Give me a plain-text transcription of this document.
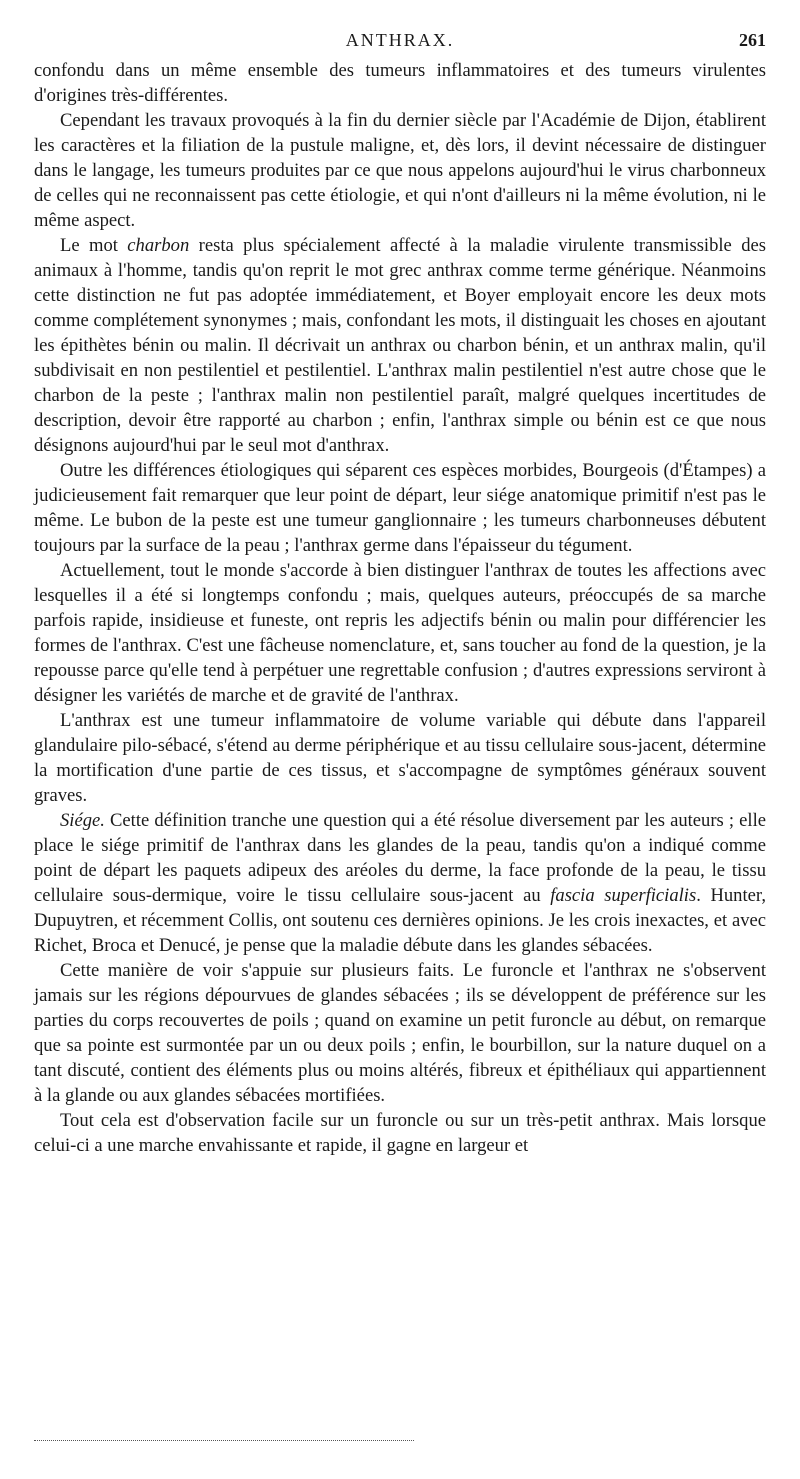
ANTHRAX.	261

confondu dans un même ensemble des tumeurs inflammatoires et des tumeurs virulentes d'origines très-différentes.

Cependant les travaux provoqués à la fin du dernier siècle par l'Académie de Dijon, établirent les caractères et la filiation de la pustule maligne, et, dès lors, il devint nécessaire de distinguer dans le langage, les tumeurs produites par ce que nous appelons aujourd'hui le virus charbonneux de celles qui ne reconnaissent pas cette étiologie, et qui n'ont d'ailleurs ni la même évolution, ni le même aspect.

Le mot charbon resta plus spécialement affecté à la maladie virulente transmissible des animaux à l'homme, tandis qu'on reprit le mot grec anthrax comme terme générique. Néanmoins cette distinction ne fut pas adoptée immédiatement, et Boyer employait encore les deux mots comme complétement synonymes ; mais, confondant les mots, il distinguait les choses en ajoutant les épithètes bénin ou malin. Il décrivait un anthrax ou charbon bénin, et un anthrax malin, qu'il subdivisait en non pestilentiel et pestilentiel. L'anthrax malin pestilentiel n'est autre chose que le charbon de la peste ; l'anthrax malin non pestilentiel paraît, malgré quelques incertitudes de description, devoir être rapporté au charbon ; enfin, l'anthrax simple ou bénin est ce que nous désignons aujourd'hui par le seul mot d'anthrax.

Outre les différences étiologiques qui séparent ces espèces morbides, Bourgeois (d'Étampes) a judicieusement fait remarquer que leur point de départ, leur siége anatomique primitif n'est pas le même. Le bubon de la peste est une tumeur ganglionnaire ; les tumeurs charbonneuses débutent toujours par la surface de la peau ; l'anthrax germe dans l'épaisseur du tégument.

Actuellement, tout le monde s'accorde à bien distinguer l'anthrax de toutes les affections avec lesquelles il a été si longtemps confondu ; mais, quelques auteurs, préoccupés de sa marche parfois rapide, insidieuse et funeste, ont repris les adjectifs bénin ou malin pour différencier les formes de l'anthrax. C'est une fâcheuse nomenclature, et, sans toucher au fond de la question, je la repousse parce qu'elle tend à perpétuer une regrettable confusion ; d'autres expressions serviront à désigner les variétés de marche et de gravité de l'anthrax.

L'anthrax est une tumeur inflammatoire de volume variable qui débute dans l'appareil glandulaire pilo-sébacé, s'étend au derme périphérique et au tissu cellulaire sous-jacent, détermine la mortification d'une partie de ces tissus, et s'accompagne de symptômes généraux souvent graves.

Siége. Cette définition tranche une question qui a été résolue diversement par les auteurs ; elle place le siége primitif de l'anthrax dans les glandes de la peau, tandis qu'on a indiqué comme point de départ les paquets adipeux des aréoles du derme, la face profonde de la peau, le tissu cellulaire sous-dermique, voire le tissu cellulaire sous-jacent au fascia superficialis. Hunter, Dupuytren, et récemment Collis, ont soutenu ces dernières opinions. Je les crois inexactes, et avec Richet, Broca et Denucé, je pense que la maladie débute dans les glandes sébacées.

Cette manière de voir s'appuie sur plusieurs faits. Le furoncle et l'anthrax ne s'observent jamais sur les régions dépourvues de glandes sébacées ; ils se développent de préférence sur les parties du corps recouvertes de poils ; quand on examine un petit furoncle au début, on remarque que sa pointe est surmontée par un ou deux poils ; enfin, le bourbillon, sur la nature duquel on a tant discuté, contient des éléments plus ou moins altérés, fibreux et épithéliaux qui appartiennent à la glande ou aux glandes sébacées mortifiées.

Tout cela est d'observation facile sur un furoncle ou sur un très-petit anthrax. Mais lorsque celui-ci a une marche envahissante et rapide, il gagne en largeur et
